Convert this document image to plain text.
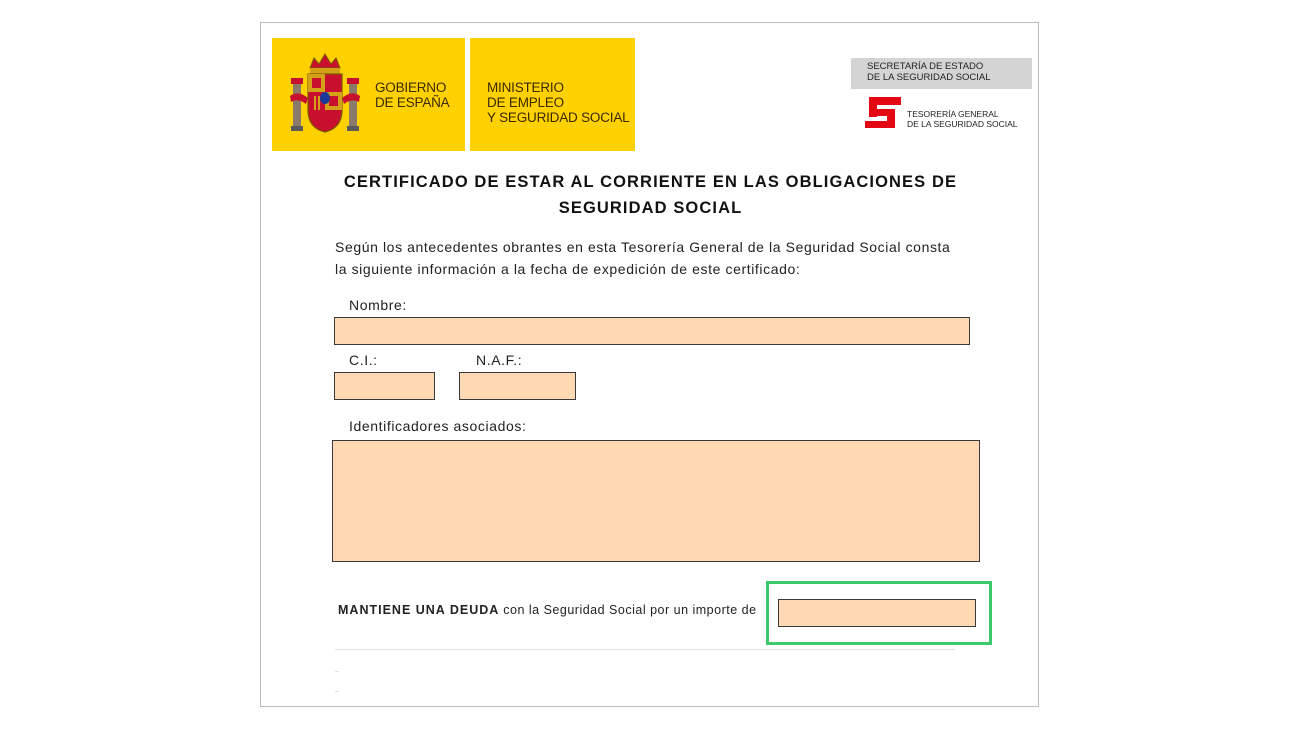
GOBIERNO
DE ESPAÑA
MINISTERIO
DE EMPLEO
Y SEGURIDAD SOCIAL
SECRETARÍA DE ESTADO
DE LA SEGURIDAD SOCIAL
TESORERÍA GENERAL
DE LA SEGURIDAD SOCIAL
CERTIFICADO DE ESTAR AL CORRIENTE EN LAS OBLIGACIONES DE
SEGURIDAD SOCIAL
Según los antecedentes obrantes en esta Tesorería General de la Seguridad Social consta
la siguiente información a la fecha de expedición de este certificado:
Nombre:
C.I.:	N.A.F.:
Identificadores asociados:
MANTIENE UNA DEUDA con la Seguridad Social por un importe de
